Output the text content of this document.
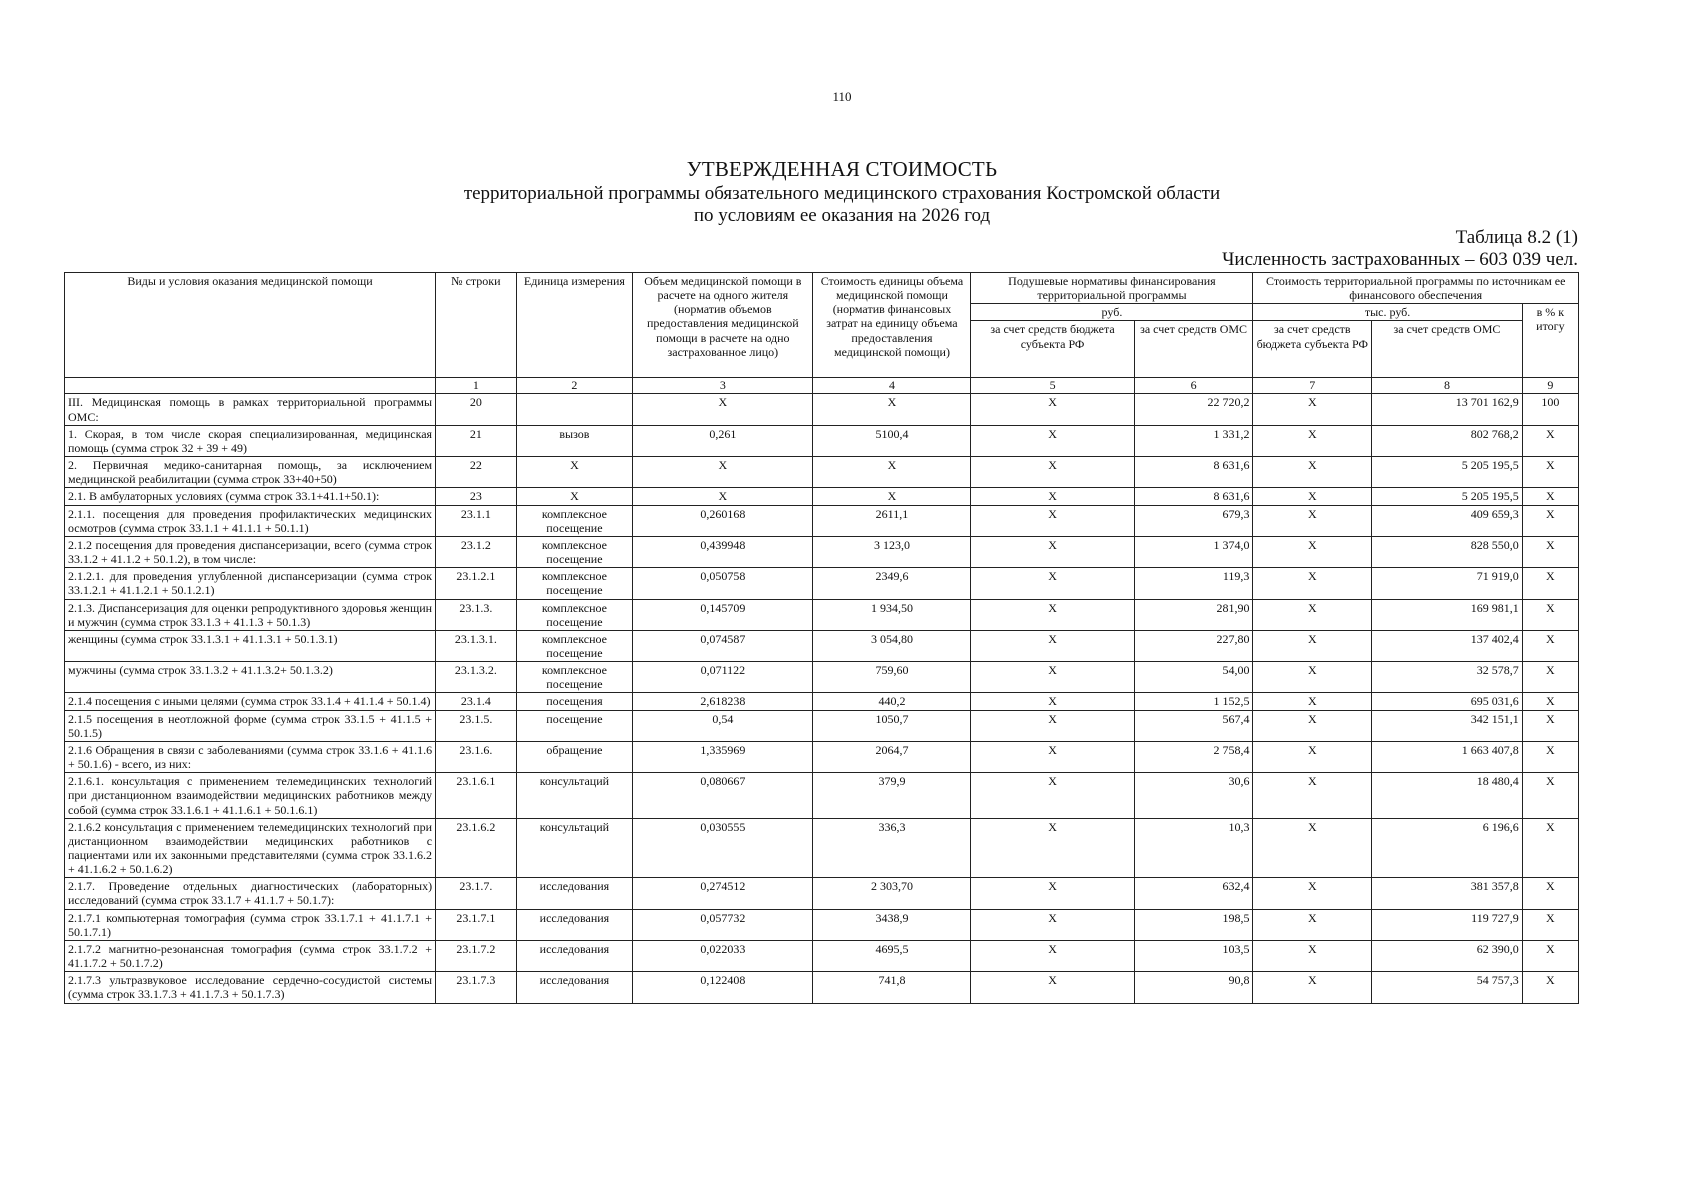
110
УТВЕРЖДЕННАЯ СТОИМОСТЬ
территориальной программы обязательного медицинского страхования Костромской области
по условиям ее оказания на 2026 год
Таблица 8.2 (1)
Численность застрахованных – 603 039 чел.
Виды и условия оказания медицинской помощи	№ строки	Единица измерения	Объем медицинской помощи в расчете на одного жителя (норматив объемов предоставления медицинской помощи в расчете на одно застрахованное лицо)	Стоимость единицы объема медицинской помощи (норматив финансовых затрат на единицу объема предоставления медицинской помощи)	Подушевые нормативы финансирования территориальной программы		Стоимость территориальной программы по источникам ее финансового обеспечения		
					руб.		тыс. руб.		в % к итогу
					за счет средств бюджета субъекта РФ	за счет средств ОМС	за счет средств бюджета субъекта РФ	за счет средств ОМС	
	1	2	3	4	5	6	7	8	9
III. Медицинская помощь в рамках территориальной программы ОМС:	20		X	X	X	22 720,2	X	13 701 162,9	100
1. Скорая, в том числе скорая специализированная, медицинская помощь (сумма строк 32 + 39 + 49)	21	вызов	0,261	5100,4	X	1 331,2	X	802 768,2	X
2. Первичная медико-санитарная помощь, за исключением медицинской реабилитации (сумма строк 33+40+50)	22	X	X	X	X	8 631,6	X	5 205 195,5	X
2.1. В амбулаторных условиях (сумма строк 33.1+41.1+50.1):	23	X	X	X	X	8 631,6	X	5 205 195,5	X
2.1.1. посещения для проведения профилактических медицинских осмотров (сумма строк 33.1.1 + 41.1.1 + 50.1.1)	23.1.1	комплексное посещение	0,260168	2611,1	X	679,3	X	409 659,3	X
2.1.2 посещения для проведения диспансеризации, всего (сумма строк 33.1.2 + 41.1.2 + 50.1.2), в том числе:	23.1.2	комплексное посещение	0,439948	3 123,0	X	1 374,0	X	828 550,0	X
2.1.2.1. для проведения углубленной диспансеризации (сумма строк 33.1.2.1 + 41.1.2.1 + 50.1.2.1)	23.1.2.1	комплексное посещение	0,050758	2349,6	X	119,3	X	71 919,0	X
2.1.3. Диспансеризация для оценки репродуктивного здоровья женщин и мужчин (сумма строк 33.1.3 + 41.1.3 + 50.1.3)	23.1.3.	комплексное посещение	0,145709	1 934,50	X	281,90	X	169 981,1	X
женщины (сумма строк 33.1.3.1 + 41.1.3.1 + 50.1.3.1)	23.1.3.1.	комплексное посещение	0,074587	3 054,80	X	227,80	X	137 402,4	X
мужчины (сумма строк 33.1.3.2 + 41.1.3.2+ 50.1.3.2)	23.1.3.2.	комплексное посещение	0,071122	759,60	X	54,00	X	32 578,7	X
2.1.4 посещения с иными целями (сумма строк 33.1.4 + 41.1.4 + 50.1.4)	23.1.4	посещения	2,618238	440,2	X	1 152,5	X	695 031,6	X
2.1.5 посещения в неотложной форме (сумма строк 33.1.5 + 41.1.5 + 50.1.5)	23.1.5.	посещение	0,54	1050,7	X	567,4	X	342 151,1	X
2.1.6 Обращения в связи с заболеваниями (сумма строк 33.1.6 + 41.1.6 + 50.1.6) - всего, из них:	23.1.6.	обращение	1,335969	2064,7	X	2 758,4	X	1 663 407,8	X
2.1.6.1. консультация с применением телемедицинских технологий при дистанционном взаимодействии медицинских работников между собой (сумма строк 33.1.6.1 + 41.1.6.1 + 50.1.6.1)	23.1.6.1	консультаций	0,080667	379,9	X	30,6	X	18 480,4	X
2.1.6.2 консультация с применением телемедицинских технологий при дистанционном взаимодействии медицинских работников с пациентами или их законными представителями (сумма строк 33.1.6.2 + 41.1.6.2 + 50.1.6.2)	23.1.6.2	консультаций	0,030555	336,3	X	10,3	X	6 196,6	X
2.1.7. Проведение отдельных диагностических (лабораторных) исследований (сумма строк 33.1.7 + 41.1.7 + 50.1.7):	23.1.7.	исследования	0,274512	2 303,70	X	632,4	X	381 357,8	X
2.1.7.1 компьютерная томография (сумма строк 33.1.7.1 + 41.1.7.1 + 50.1.7.1)	23.1.7.1	исследования	0,057732	3438,9	X	198,5	X	119 727,9	X
2.1.7.2 магнитно-резонансная томография (сумма строк 33.1.7.2 + 41.1.7.2 + 50.1.7.2)	23.1.7.2	исследования	0,022033	4695,5	X	103,5	X	62 390,0	X
2.1.7.3 ультразвуковое исследование сердечно-сосудистой системы (сумма строк 33.1.7.3 + 41.1.7.3 + 50.1.7.3)	23.1.7.3	исследования	0,122408	741,8	X	90,8	X	54 757,3	X
